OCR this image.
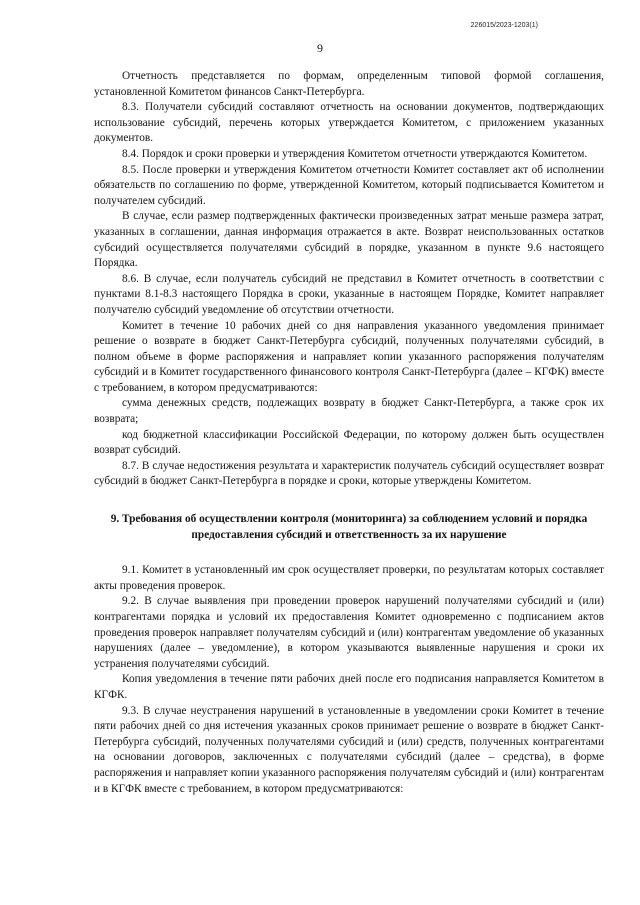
226015/2023-1203(1)
9

Отчетность представляется по формам, определенным типовой формой соглашения, установленной Комитетом финансов Санкт-Петербурга.

8.3. Получатели субсидий составляют отчетность на основании документов, подтверждающих использование субсидий, перечень которых утверждается Комитетом, с приложением указанных документов.

8.4. Порядок и сроки проверки и утверждения Комитетом отчетности утверждаются Комитетом.

8.5. После проверки и утверждения Комитетом отчетности Комитет составляет акт об исполнении обязательств по соглашению по форме, утвержденной Комитетом, который подписывается Комитетом и получателем субсидий.

В случае, если размер подтвержденных фактически произведенных затрат меньше размера затрат, указанных в соглашении, данная информация отражается в акте. Возврат неиспользованных остатков субсидий осуществляется получателями субсидий в порядке, указанном в пункте 9.6 настоящего Порядка.

8.6. В случае, если получатель субсидий не представил в Комитет отчетность в соответствии с пунктами 8.1-8.3 настоящего Порядка в сроки, указанные в настоящем Порядке, Комитет направляет получателю субсидий уведомление об отсутствии отчетности.

Комитет в течение 10 рабочих дней со дня направления указанного уведомления принимает решение о возврате в бюджет Санкт-Петербурга субсидий, полученных получателями субсидий, в полном объеме в форме распоряжения и направляет копии указанного распоряжения получателям субсидий и в Комитет государственного финансового контроля Санкт-Петербурга (далее – КГФК) вместе с требованием, в котором предусматриваются:

сумма денежных средств, подлежащих возврату в бюджет Санкт-Петербурга, а также срок их возврата;

код бюджетной классификации Российской Федерации, по которому должен быть осуществлен возврат субсидий.

8.7. В случае недостижения результата и характеристик получатель субсидий осуществляет возврат субсидий в бюджет Санкт-Петербурга в порядке и сроки, которые утверждены Комитетом.

9. Требования об осуществлении контроля (мониторинга) за соблюдением условий и порядка предоставления субсидий и ответственность за их нарушение

9.1. Комитет в установленный им срок осуществляет проверки, по результатам которых составляет акты проведения проверок.

9.2. В случае выявления при проведении проверок нарушений получателями субсидий и (или) контрагентами порядка и условий их предоставления Комитет одновременно с подписанием актов проведения проверок направляет получателям субсидий и (или) контрагентам уведомление об указанных нарушениях (далее – уведомление), в котором указываются выявленные нарушения и сроки их устранения получателями субсидий.

Копия уведомления в течение пяти рабочих дней после его подписания направляется Комитетом в КГФК.

9.3. В случае неустранения нарушений в установленные в уведомлении сроки Комитет в течение пяти рабочих дней со дня истечения указанных сроков принимает решение о возврате в бюджет Санкт-Петербурга субсидий, полученных получателями субсидий и (или) средств, полученных контрагентами на основании договоров, заключенных с получателями субсидий (далее – средства), в форме распоряжения и направляет копии указанного распоряжения получателям субсидий и (или) контрагентам и в КГФК вместе с требованием, в котором предусматриваются:
